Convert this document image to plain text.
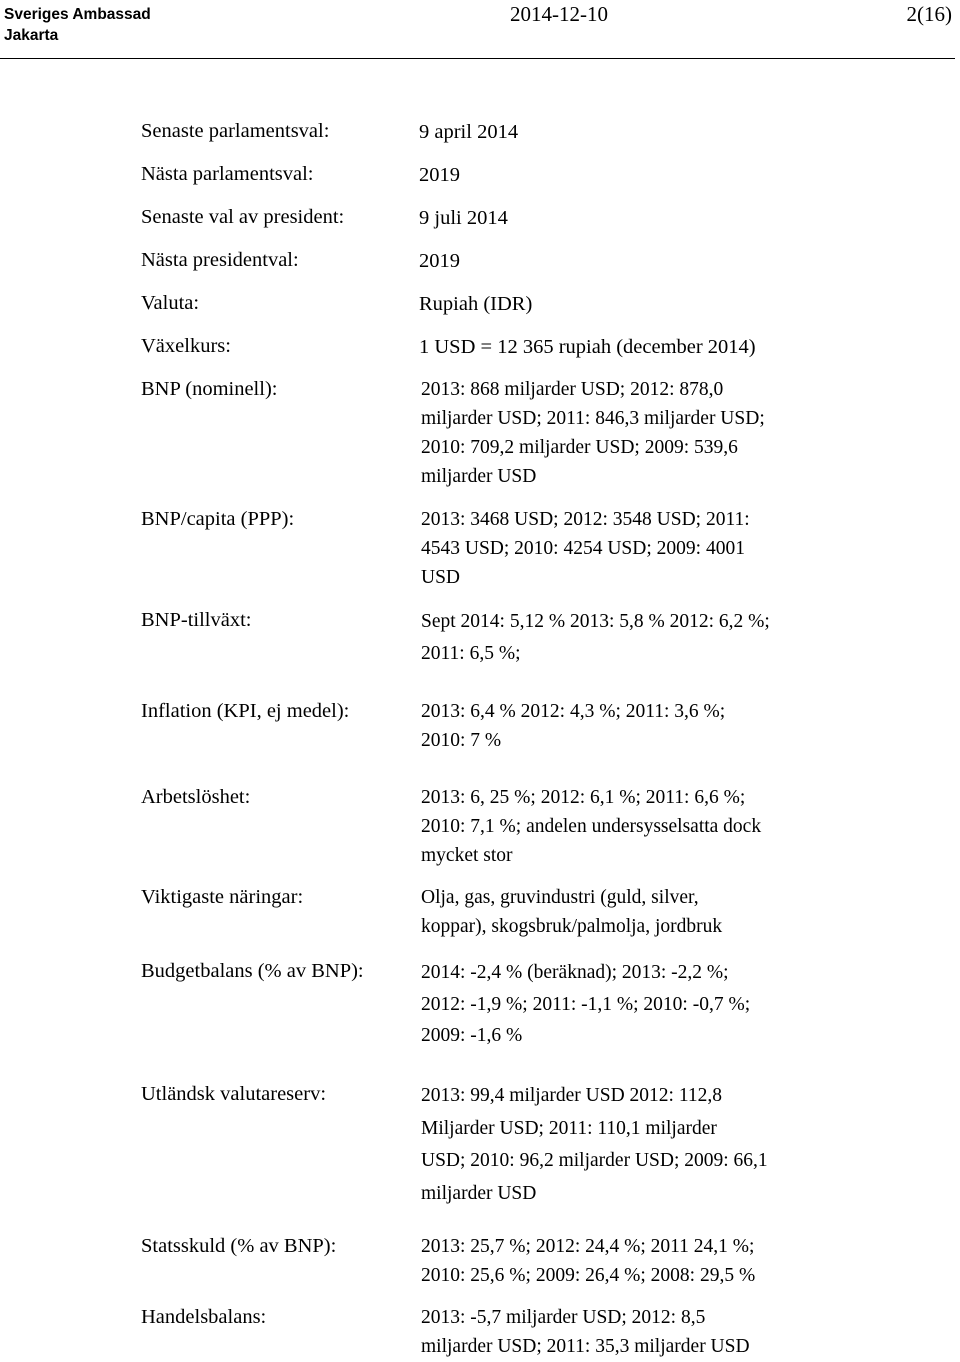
Sveriges Ambassad
Jakarta
2014-12-10	2(16)
Senaste parlamentsval:	9 april 2014
Nästa parlamentsval:	2019
Senaste val av president:	9 juli 2014
Nästa presidentval:	2019
Valuta:	Rupiah (IDR)
Växelkurs:	1 USD = 12 365 rupiah (december 2014)
BNP (nominell):	2013: 868 miljarder USD; 2012: 878,0
miljarder USD; 2011: 846,3 miljarder USD;
2010: 709,2 miljarder USD; 2009: 539,6
miljarder USD
BNP/capita (PPP):	2013: 3468 USD; 2012: 3548 USD; 2011:
4543 USD; 2010: 4254 USD; 2009: 4001
USD
BNP-tillväxt:	Sept 2014: 5,12 % 2013: 5,8 % 2012: 6,2 %;
2011: 6,5 %;
Inflation (KPI, ej medel):	2013: 6,4 % 2012: 4,3 %; 2011: 3,6 %;
2010: 7 %
Arbetslöshet:	2013: 6, 25 %; 2012: 6,1 %; 2011: 6,6 %;
2010: 7,1 %; andelen undersysselsatta dock
mycket stor
Viktigaste näringar:	Olja, gas, gruvindustri (guld, silver,
koppar), skogsbruk/palmolja, jordbruk
Budgetbalans (% av BNP):	2014: -2,4 % (beräknad); 2013: -2,2 %;
2012: -1,9 %; 2011: -1,1 %; 2010: -0,7 %;
2009: -1,6 %
Utländsk valutareserv:	2013: 99,4 miljarder USD 2012: 112,8
Miljarder USD; 2011: 110,1 miljarder
USD; 2010: 96,2 miljarder USD; 2009: 66,1
miljarder USD
Statsskuld (% av BNP):	2013: 25,7 %; 2012: 24,4 %; 2011 24,1 %;
2010: 25,6 %; 2009: 26,4 %; 2008: 29,5 %
Handelsbalans:	2013: -5,7 miljarder USD; 2012: 8,5
miljarder USD; 2011: 35,3 miljarder USD
